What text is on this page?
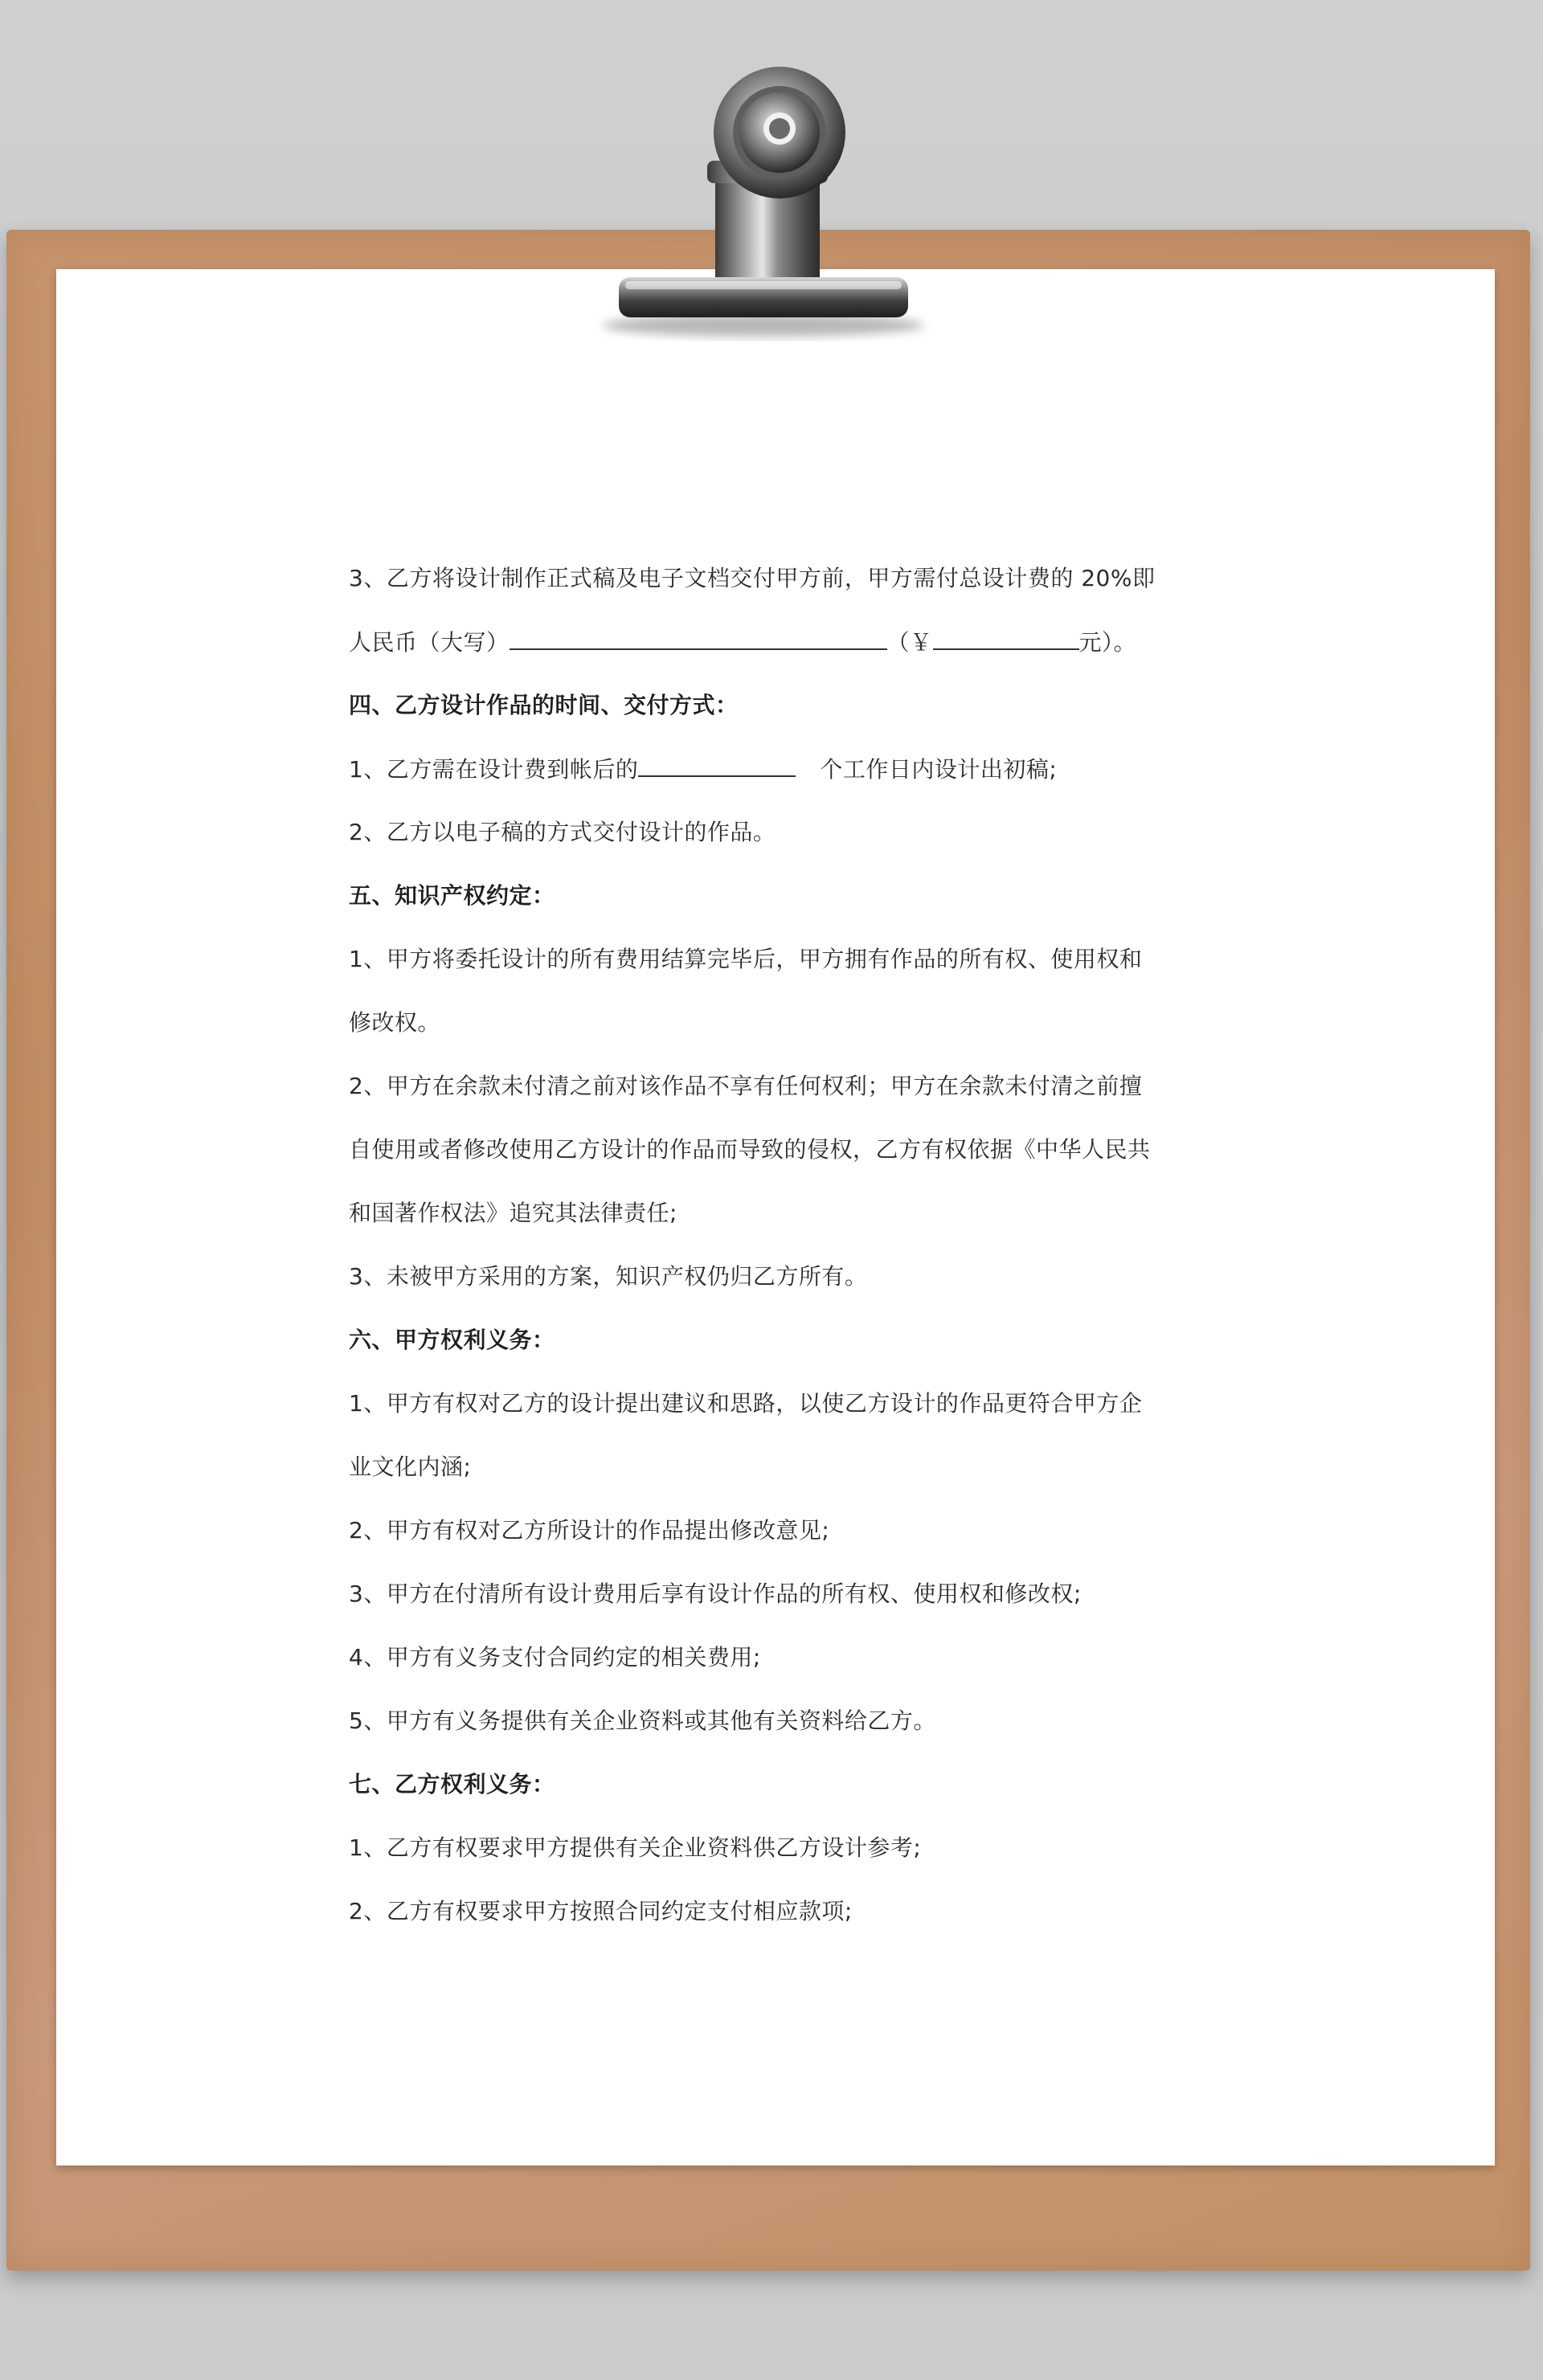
3、乙方将设计制作正式稿及电子文档交付甲方前，甲方需付总设计费的 20%即
人民币（大写）	（￥	元）。
四、乙方设计作品的时间、交付方式：
1、乙方需在设计费到帐后的	个工作日内设计出初稿;
2、乙方以电子稿的方式交付设计的作品。
五、知识产权约定：
1、甲方将委托设计的所有费用结算完毕后，甲方拥有作品的所有权、使用权和
修改权。
2、甲方在余款未付清之前对该作品不享有任何权利；甲方在余款未付清之前擅
自使用或者修改使用乙方设计的作品而导致的侵权，乙方有权依据《中华人民共
和国著作权法》追究其法律责任;
3、未被甲方采用的方案，知识产权仍归乙方所有。
六、甲方权利义务：
1、甲方有权对乙方的设计提出建议和思路，以使乙方设计的作品更符合甲方企
业文化内涵;
2、甲方有权对乙方所设计的作品提出修改意见;
3、甲方在付清所有设计费用后享有设计作品的所有权、使用权和修改权;
4、甲方有义务支付合同约定的相关费用;
5、甲方有义务提供有关企业资料或其他有关资料给乙方。
七、乙方权利义务：
1、乙方有权要求甲方提供有关企业资料供乙方设计参考;
2、乙方有权要求甲方按照合同约定支付相应款项;
